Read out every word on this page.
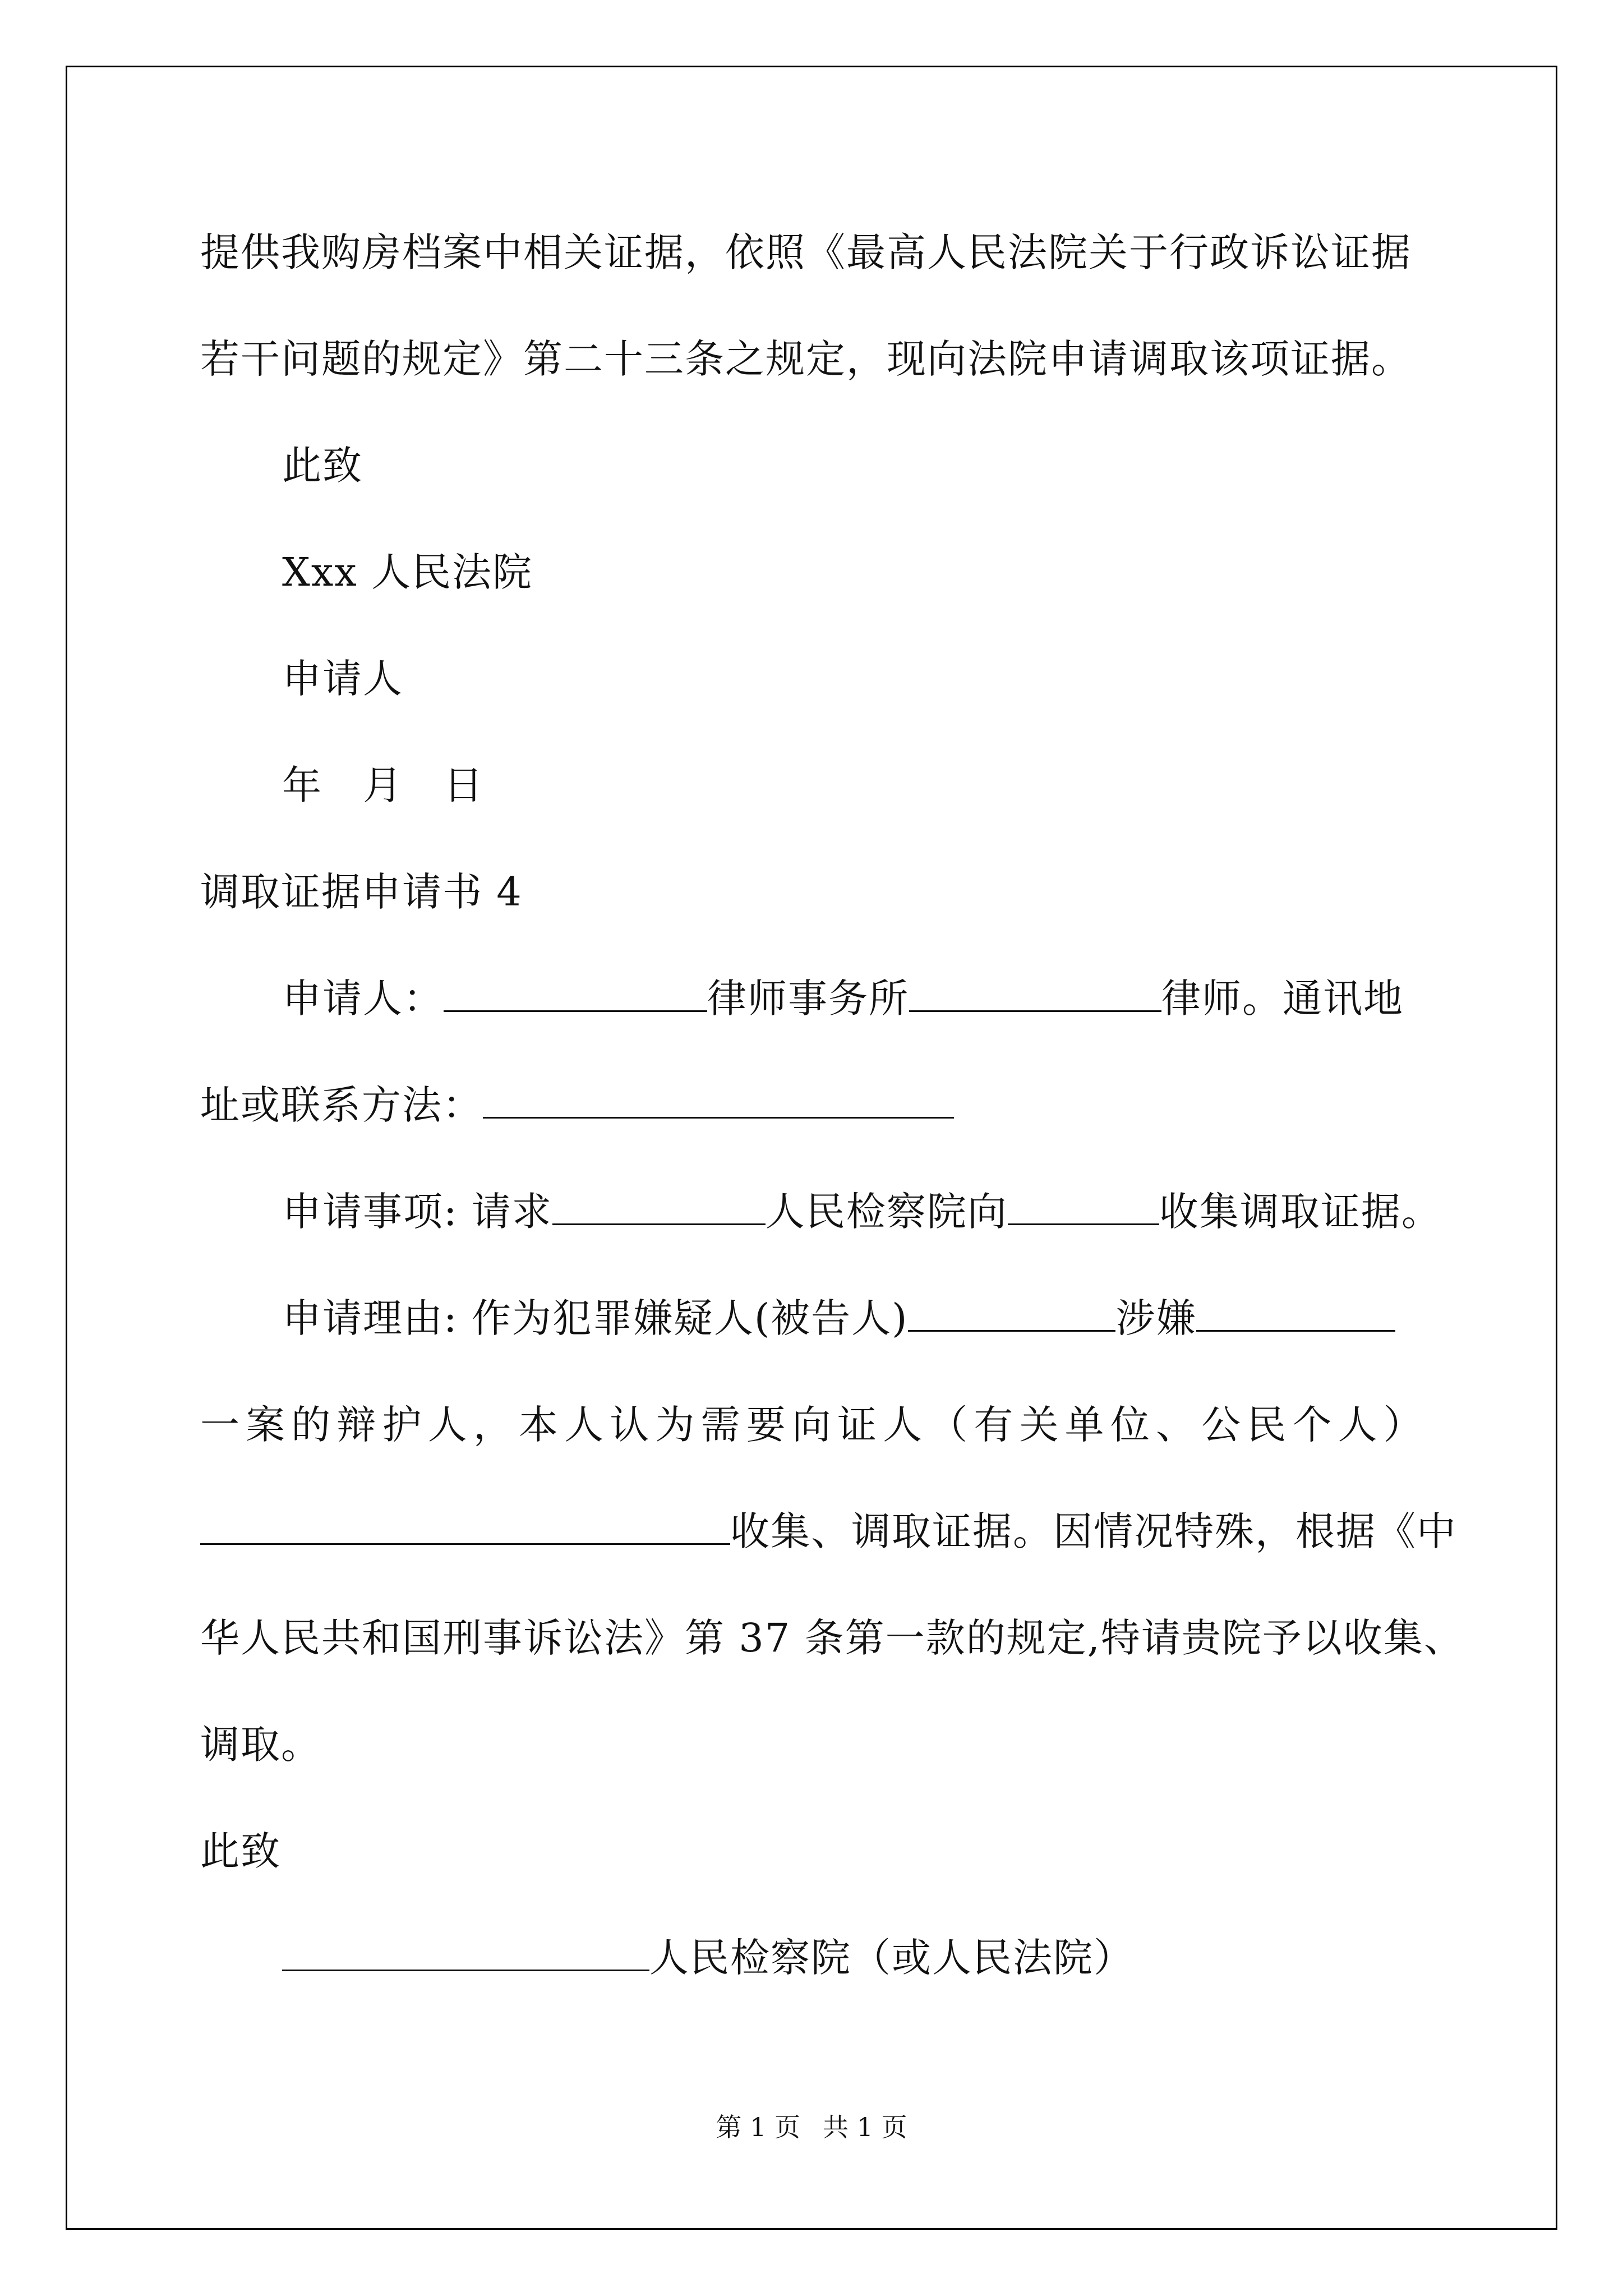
提供我购房档案中相关证据，依照《最高人民法院关于行政诉讼证据
若干问题的规定》第二十三条之规定，现向法院申请调取该项证据。
此致
Xxx 人民法院
申请人
年　月　日
调取证据申请书 4
申请人：	律师事务所	律师。通讯地
址或联系方法：
申请事项: 请求	人民检察院向	收集调取证据。
申请理由: 作为犯罪嫌疑人(被告人)	涉嫌
一 案 的 辩 护 人 ， 本 人 认 为 需 要 向 证 人 （ 有 关 单 位 、 公 民 个 人 ）
收集、调取证据。因情况特殊，根据《中
华人民共和国刑事诉讼法》第 37 条第一款的规定,特请贵院予以收集、
调取。
此致
人民检察院（或人民法院）
第 1 页 共 1 页
